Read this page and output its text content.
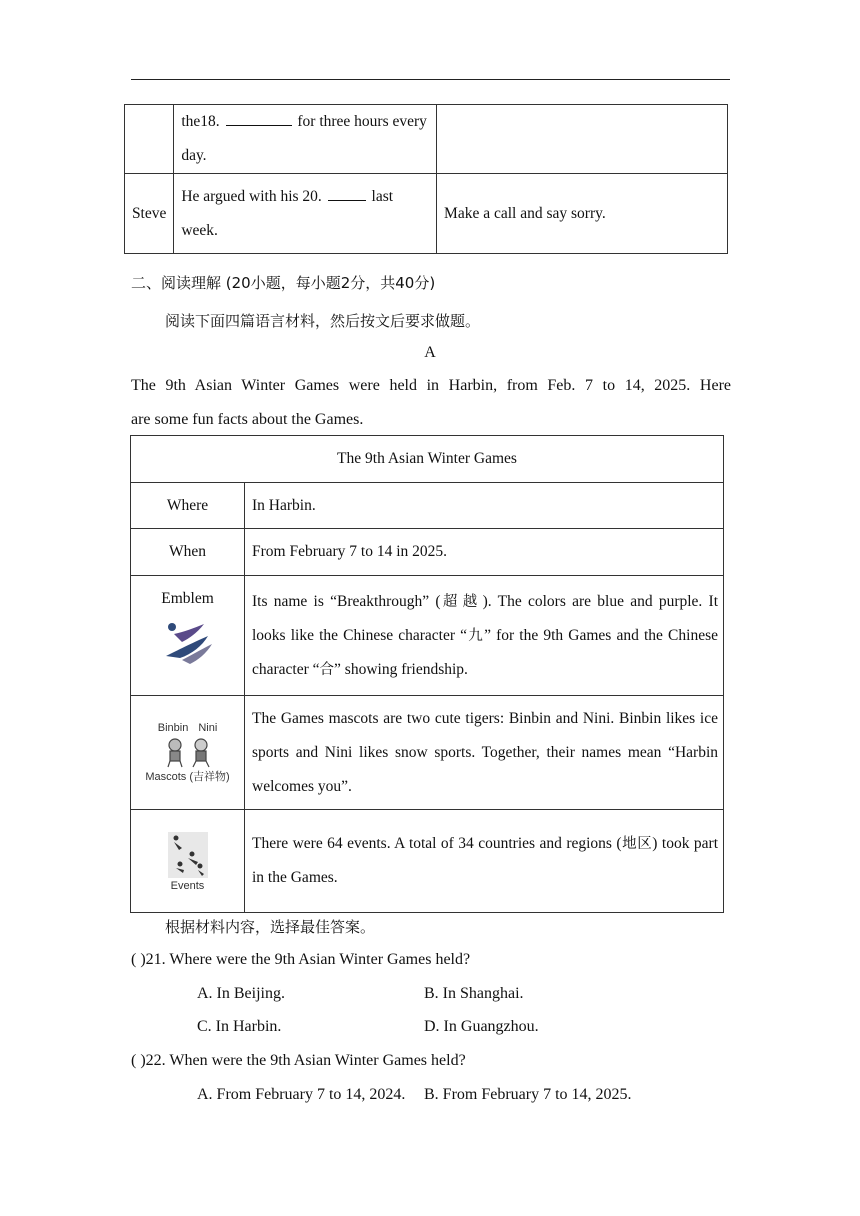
	the18. for three hours every day.	
Steve	He argued with his 20. last week.	Make a call and say sorry.
二、阅读理解 (20小题，每小题2分，共40分)
阅读下面四篇语言材料，然后按文后要求做题。
A
The 9th Asian Winter Games were held in Harbin, from Feb. 7 to 14, 2025. Here
are some fun facts about the Games.
The 9th Asian Winter Games	
Where	In Harbin.
When	From February 7 to 14 in 2025.

Emblem	Its name is “Breakthrough” (超越). The colors are blue and purple. It looks like the Chinese character “九” for the 9th Games and the Chinese character “合” showing friendship.

Binbin Nini
Mascots (吉祥物)	The Games mascots are two cute tigers: Binbin and Nini. Binbin likes ice sports and Nini likes snow sports. Together, their names mean “Harbin welcomes you”.

Events	There were 64 events. A total of 34 countries and regions (地区) took part in the Games.
根据材料内容，选择最佳答案。
( )21. Where were the 9th Asian Winter Games held?
A. In Beijing.	B. In Shanghai.
C. In Harbin.	D. In Guangzhou.
( )22. When were the 9th Asian Winter Games held?
A. From February 7 to 14, 2024. B. From February 7 to 14, 2025.
